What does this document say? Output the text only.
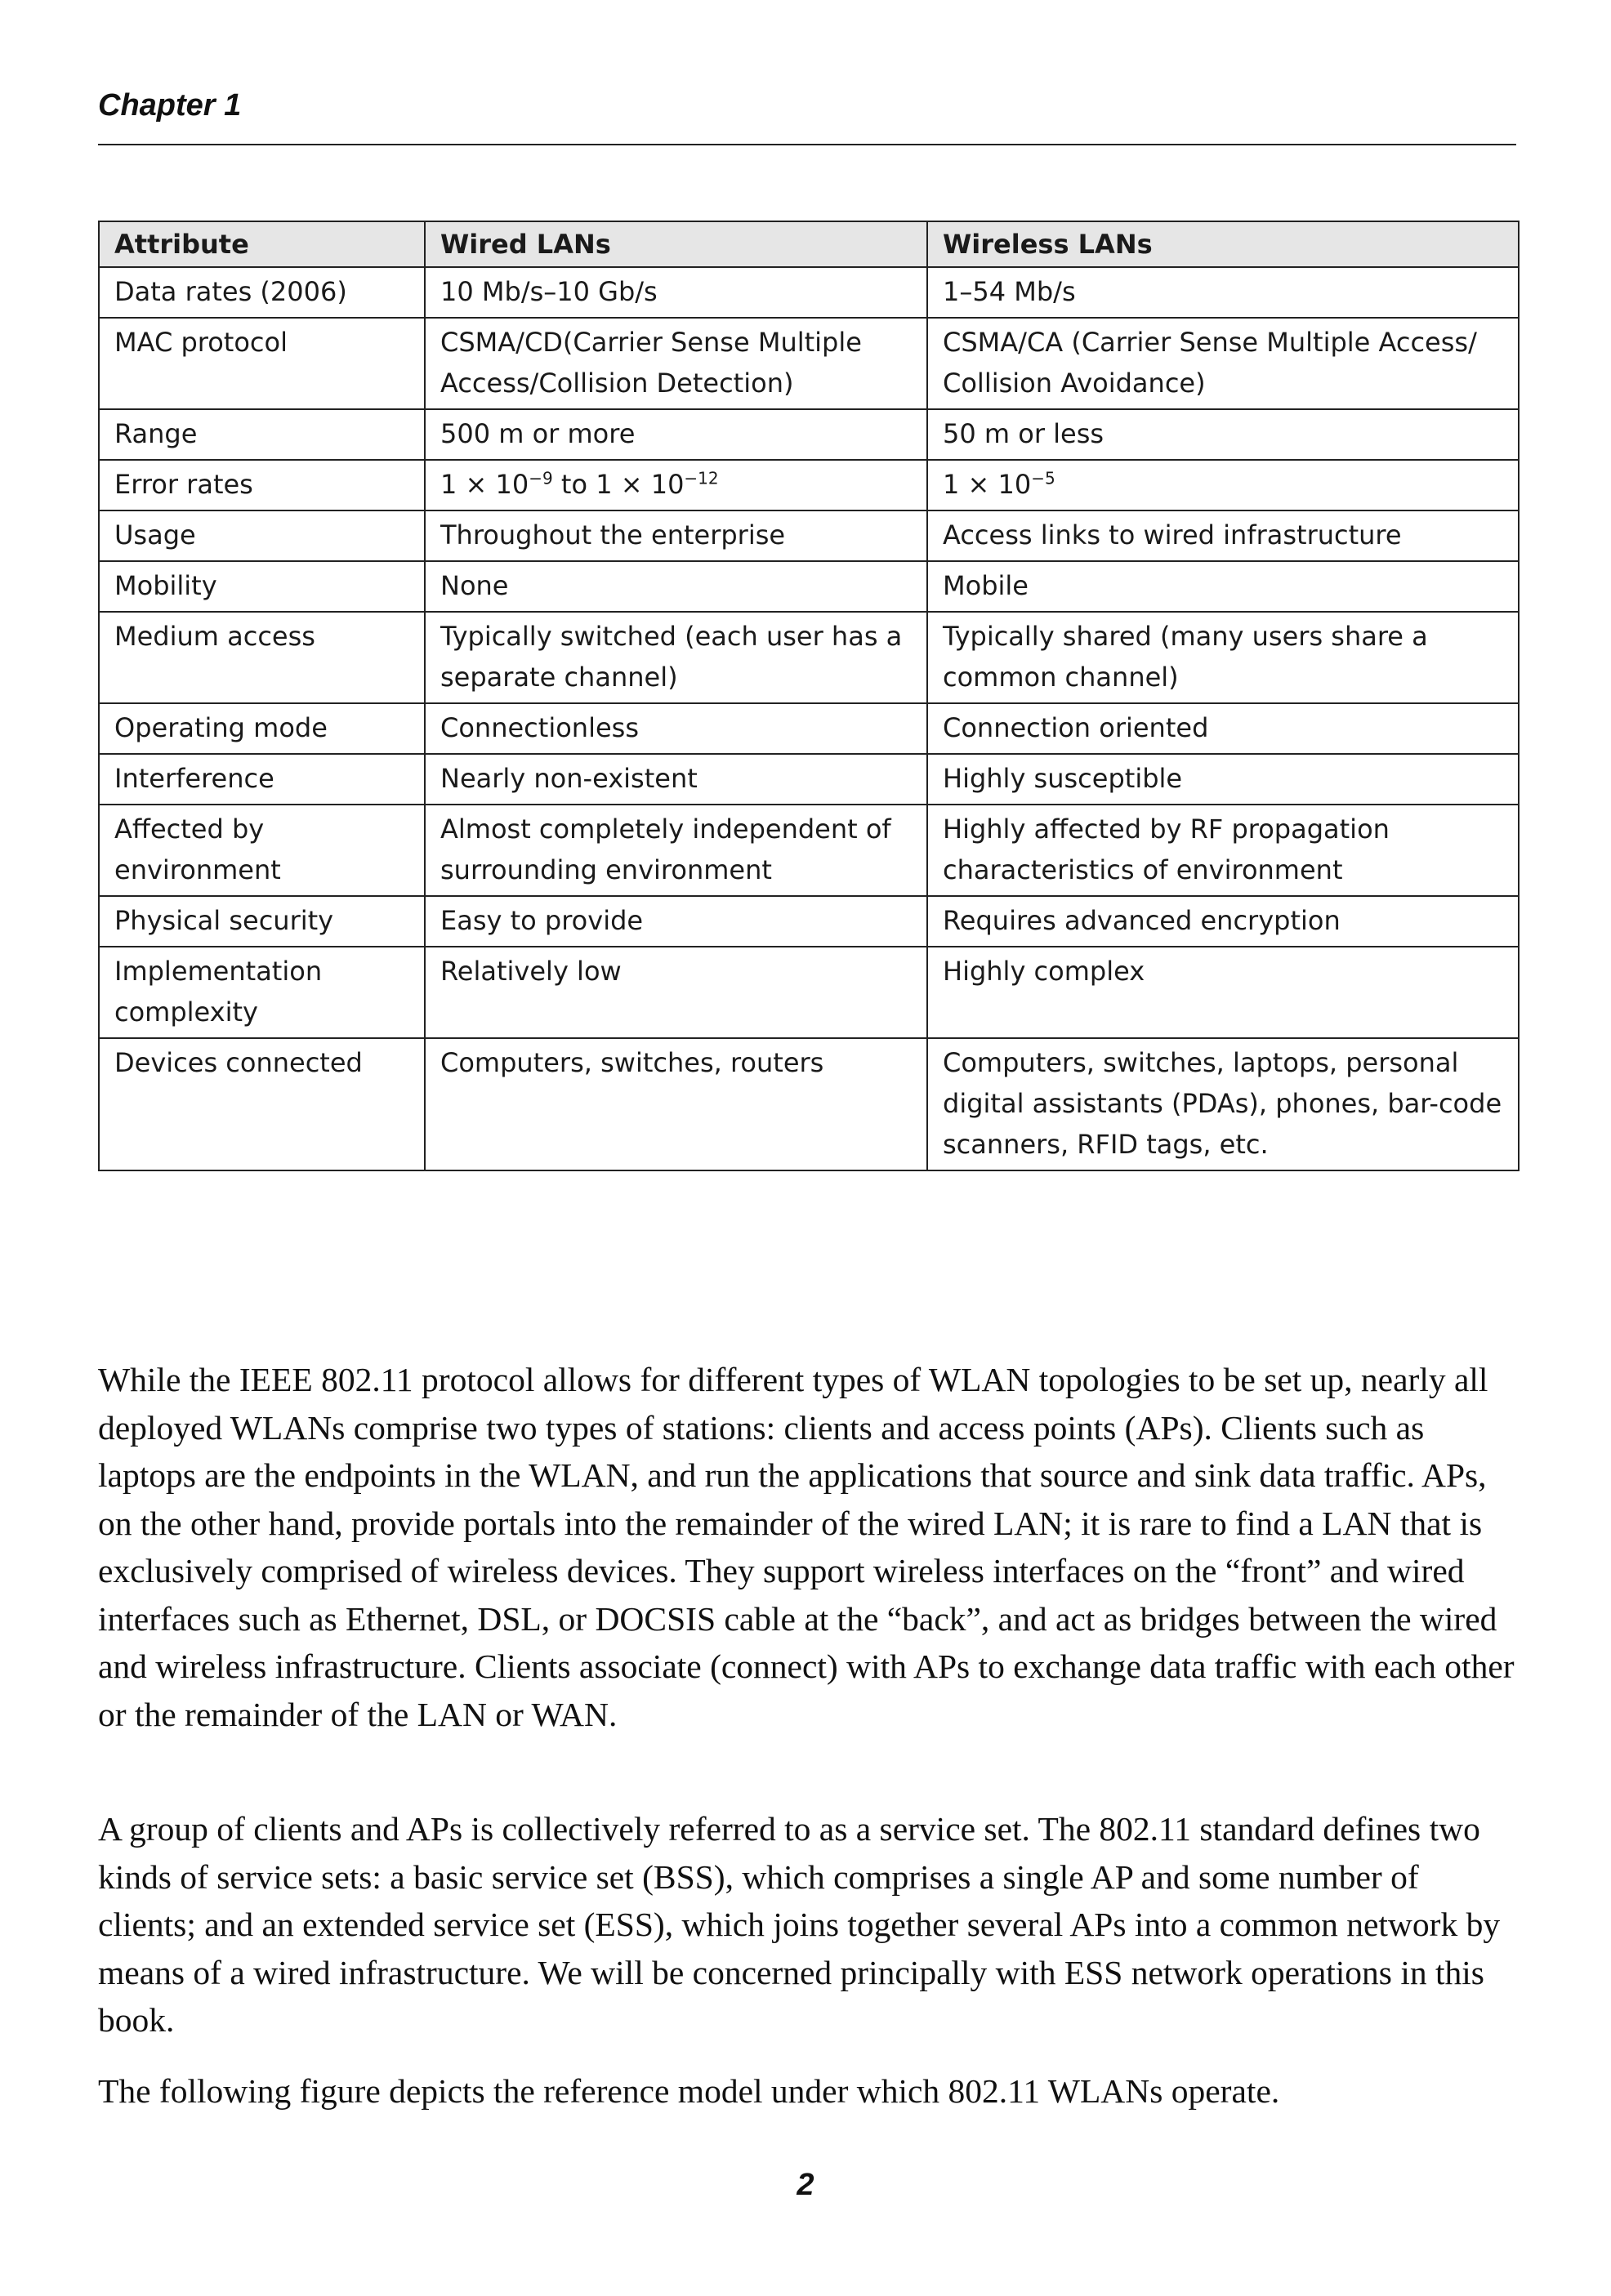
Chapter 1
Attribute	Wired LANs	Wireless LANs
Data rates (2006)	10 Mb/s–10 Gb/s	1–54 Mb/s
MAC protocol	CSMA/CD(Carrier Sense Multiple Access/Collision Detection)	CSMA/CA (Carrier Sense Multiple Access/ Collision Avoidance)
Range	500 m or more	50 m or less
Error rates	$1 \times 10^{-9}$ to $1 \times 10^{-12}$	$1 \times 10^{-5}$
Usage	Throughout the enterprise	Access links to wired infrastructure
Mobility	None	Mobile
Medium access	Typically switched (each user has a separate channel)	Typically shared (many users share a common channel)
Operating mode	Connectionless	Connection oriented
Interference	Nearly non-existent	Highly susceptible
Affected by environment	Almost completely independent of surrounding environment	Highly affected by RF propagation characteristics of environment
Physical security	Easy to provide	Requires advanced encryption
Implementation complexity	Relatively low	Highly complex
Devices connected	Computers, switches, routers	Computers, switches, laptops, personal digital assistants (PDAs), phones, bar-code scanners, RFID tags, etc.

While the IEEE 802.11 protocol allows for different types of WLAN topologies to be set up, nearly all deployed WLANs comprise two types of stations: clients and access points (APs). Clients such as laptops are the endpoints in the WLAN, and run the applications that source and sink data traffic. APs, on the other hand, provide portals into the remainder of the wired LAN; it is rare to find a LAN that is exclusively comprised of wireless devices. They support wireless interfaces on the “front” and wired interfaces such as Ethernet, DSL, or DOCSIS cable at the “back”, and act as bridges between the wired and wireless infrastructure. Clients associate (connect) with APs to exchange data traffic with each other or the remainder of the LAN or WAN.

A group of clients and APs is collectively referred to as a service set. The 802.11 standard defines two kinds of service sets: a basic service set (BSS), which comprises a single AP and some number of clients; and an extended service set (ESS), which joins together several APs into a common network by means of a wired infrastructure. We will be concerned principally with ESS network operations in this book.

The following figure depicts the reference model under which 802.11 WLANs operate.

2
